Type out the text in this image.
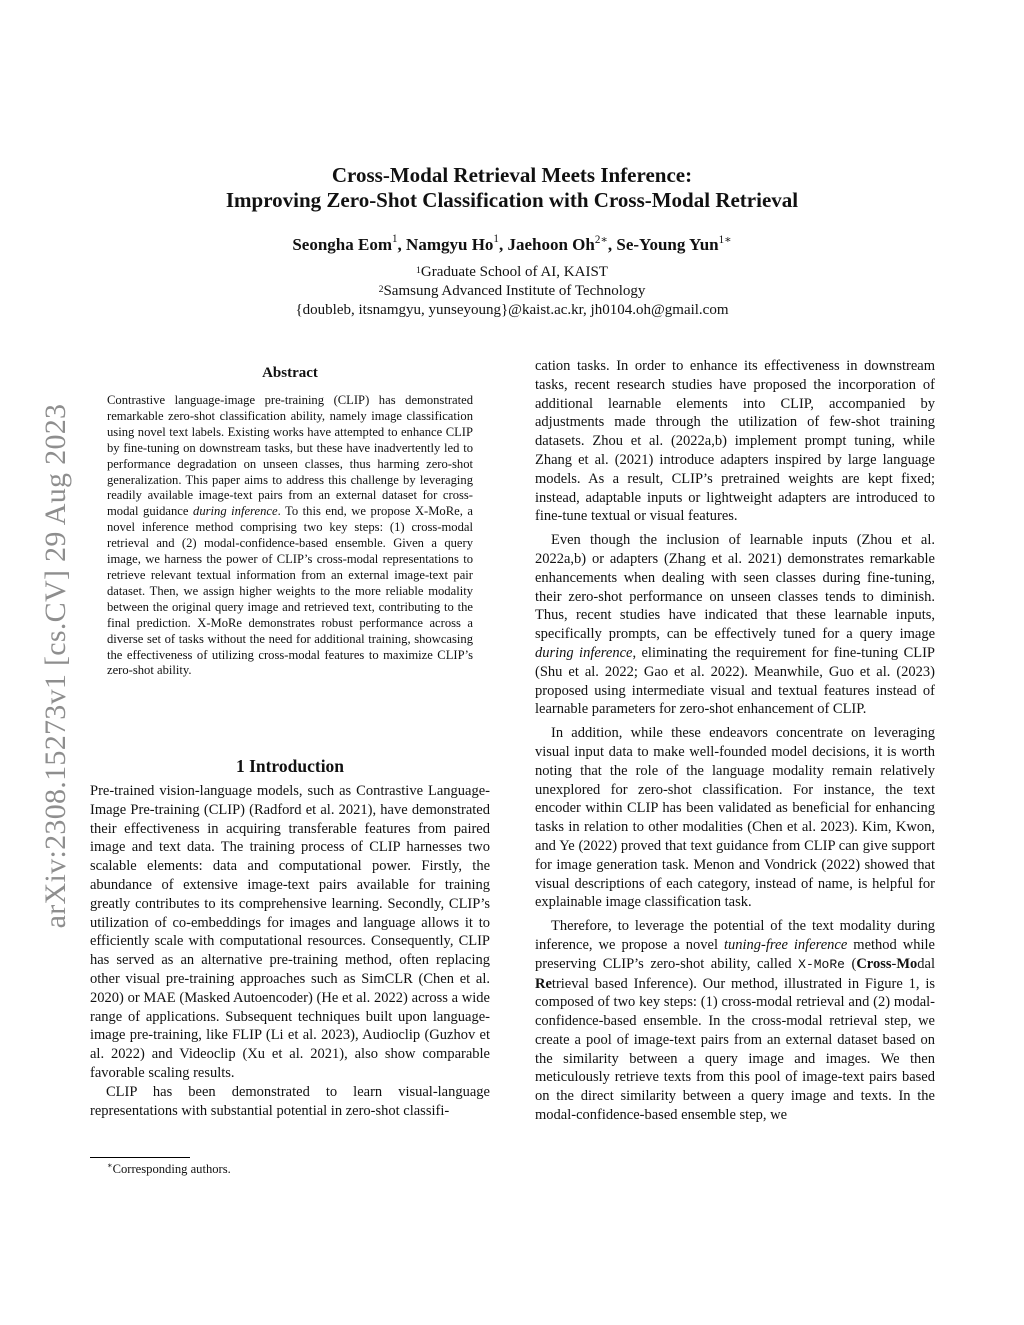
arXiv:2308.15273v1 [cs.CV] 29 Aug 2023
Cross-Modal Retrieval Meets Inference:
Improving Zero-Shot Classification with Cross-Modal Retrieval
Seongha Eom$^1$, Namgyu Ho$^1$, Jaehoon $Oh^{2∗}$, Se-Young Yun$^{1∗}$
$^1$Graduate School of AI, KAIST
$^2$Samsung Advanced Institute of Technology
{doubleb, itsnamgyu, yunseyoung}@kaist.ac.kr, jh0104.oh@gmail.com
Abstract
Contrastive language-image pre-training (CLIP) has demonstrated remarkable zero-shot classification ability, namely image classification using novel text labels. Existing works have attempted to enhance CLIP by fine-tuning on downstream tasks, but these have inadvertently led to performance degradation on unseen classes, thus harming zero-shot generalization. This paper aims to address this challenge by leveraging readily available image-text pairs from an external dataset for cross-modal guidance during inference. To this end, we propose X-MoRe, a novel inference method comprising two key steps: (1) cross-modal retrieval and (2) modal-confidence-based ensemble. Given a query image, we harness the power of CLIP’s cross-modal representations to retrieve relevant textual information from an external image-text pair dataset. Then, we assign higher weights to the more reliable modality between the original query image and retrieved text, contributing to the final prediction. X-MoRe demonstrates robust performance across a diverse set of tasks without the need for additional training, showcasing the effectiveness of utilizing cross-modal features to maximize CLIP’s zero-shot ability.
1 Introduction

Pre-trained vision-language models, such as Contrastive Language-Image Pre-training (CLIP) (Radford et al. 2021), have demonstrated their effectiveness in acquiring transferable features from paired image and text data. The training process of CLIP harnesses two scalable elements: data and computational power. Firstly, the abundance of extensive image-text pairs available for training greatly contributes to its comprehensive learning. Secondly, CLIP’s utilization of co-embeddings for images and language allows it to efficiently scale with computational resources. Consequently, CLIP has served as an alternative pre-training method, often replacing other visual pre-training approaches such as SimCLR (Chen et al. 2020) or MAE (Masked Autoencoder) (He et al. 2022) across a wide range of applications. Subsequent techniques built upon language-image pre-training, like FLIP (Li et al. 2023), Audioclip (Guzhov et al. 2022) and Videoclip (Xu et al. 2021), also show comparable favorable scaling results.

CLIP has been demonstrated to learn visual-language representations with substantial potential in zero-shot classifi-

∗Corresponding authors.

cation tasks. In order to enhance its effectiveness in downstream tasks, recent research studies have proposed the incorporation of additional learnable elements into CLIP, accompanied by adjustments made through the utilization of few-shot training datasets. Zhou et al. (2022a,b) implement prompt tuning, while Zhang et al. (2021) introduce adapters inspired by large language models. As a result, CLIP’s pretrained weights are kept fixed; instead, adaptable inputs or lightweight adapters are introduced to fine-tune textual or visual features.

Even though the inclusion of learnable inputs (Zhou et al. 2022a,b) or adapters (Zhang et al. 2021) demonstrates remarkable enhancements when dealing with seen classes during fine-tuning, their zero-shot performance on unseen classes tends to diminish. Thus, recent studies have indicated that these learnable inputs, specifically prompts, can be effectively tuned for a query image during inference, eliminating the requirement for fine-tuning CLIP (Shu et al. 2022; Gao et al. 2022). Meanwhile, Guo et al. (2023) proposed using intermediate visual and textual features instead of learnable parameters for zero-shot enhancement of CLIP.

In addition, while these endeavors concentrate on leveraging visual input data to make well-founded model decisions, it is worth noting that the role of the language modality remain relatively unexplored for zero-shot classification. For instance, the text encoder within CLIP has been validated as beneficial for enhancing tasks in relation to other modalities (Chen et al. 2023). Kim, Kwon, and Ye (2022) proved that text guidance from CLIP can give support for image generation task. Menon and Vondrick (2022) showed that visual descriptions of each category, instead of name, is helpful for explainable image classification task.

Therefore, to leverage the potential of the text modality during inference, we propose a novel tuning-free inference method while preserving CLIP’s zero-shot ability, called X-MoRe (Cross-Modal Retrieval based Inference). Our method, illustrated in Figure 1, is composed of two key steps: (1) cross-modal retrieval and (2) modal-confidence-based ensemble. In the cross-modal retrieval step, we create a pool of image-text pairs from an external dataset based on the similarity between a query image and images. We then meticulously retrieve texts from this pool of image-text pairs based on the direct similarity between a query image and texts. In the modal-confidence-based ensemble step, we
